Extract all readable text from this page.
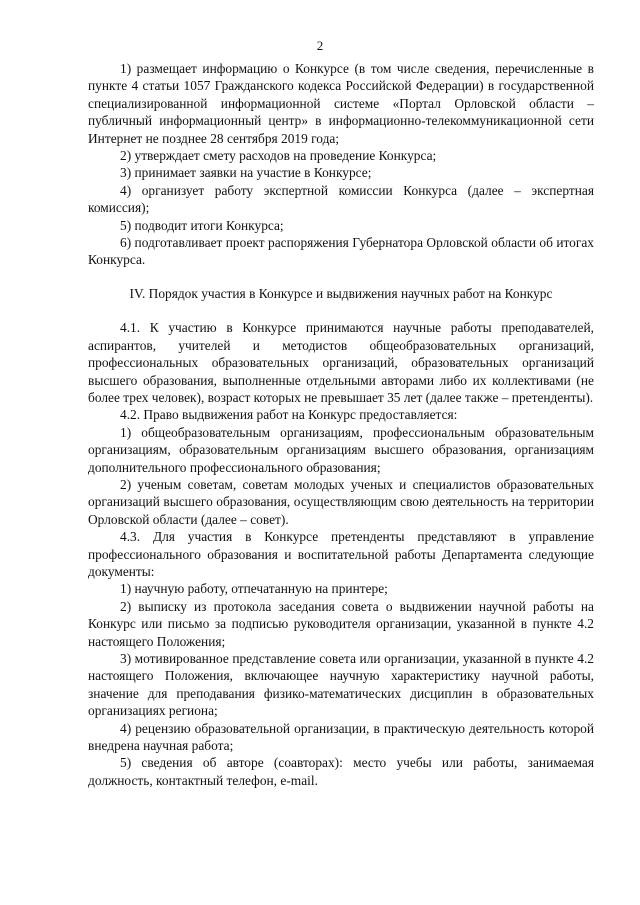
2

1) размещает информацию о Конкурсе (в том числе сведения, перечисленные в пункте 4 статьи 1057 Гражданского кодекса Российской Федерации) в государственной специализированной информационной системе «Портал Орловской области – публичный информационный центр» в информационно-телекоммуникационной сети Интернет не позднее 28 сентября 2019 года;

2) утверждает смету расходов на проведение Конкурса;

3) принимает заявки на участие в Конкурсе;

4) организует работу экспертной комиссии Конкурса (далее – экспертная комиссия);

5) подводит итоги Конкурса;

6) подготавливает проект распоряжения Губернатора Орловской области об итогах Конкурса.

IV. Порядок участия в Конкурсе и выдвижения научных работ на Конкурс

4.1. К участию в Конкурсе принимаются научные работы преподавателей, аспирантов, учителей и методистов общеобразовательных организаций, профессиональных образовательных организаций, образовательных организаций высшего образования, выполненные отдельными авторами либо их коллективами (не более трех человек), возраст которых не превышает 35 лет (далее также – претенденты).

4.2. Право выдвижения работ на Конкурс предоставляется:

1) общеобразовательным организациям, профессиональным образовательным организациям, образовательным организациям высшего образования, организациям дополнительного профессионального образования;

2) ученым советам, советам молодых ученых и специалистов образовательных организаций высшего образования, осуществляющим свою деятельность на территории Орловской области (далее – совет).

4.3. Для участия в Конкурсе претенденты представляют в управление профессионального образования и воспитательной работы Департамента следующие документы:

1) научную работу, отпечатанную на принтере;

2) выписку из протокола заседания совета о выдвижении научной работы на Конкурс или письмо за подписью руководителя организации, указанной в пункте 4.2 настоящего Положения;

3) мотивированное представление совета или организации, указанной в пункте 4.2 настоящего Положения, включающее научную характеристику научной работы, значение для преподавания физико-математических дисциплин в образовательных организациях региона;

4) рецензию образовательной организации, в практическую деятельность которой внедрена научная работа;

5) сведения об авторе (соавторах): место учебы или работы, занимаемая должность, контактный телефон, e-mail.
